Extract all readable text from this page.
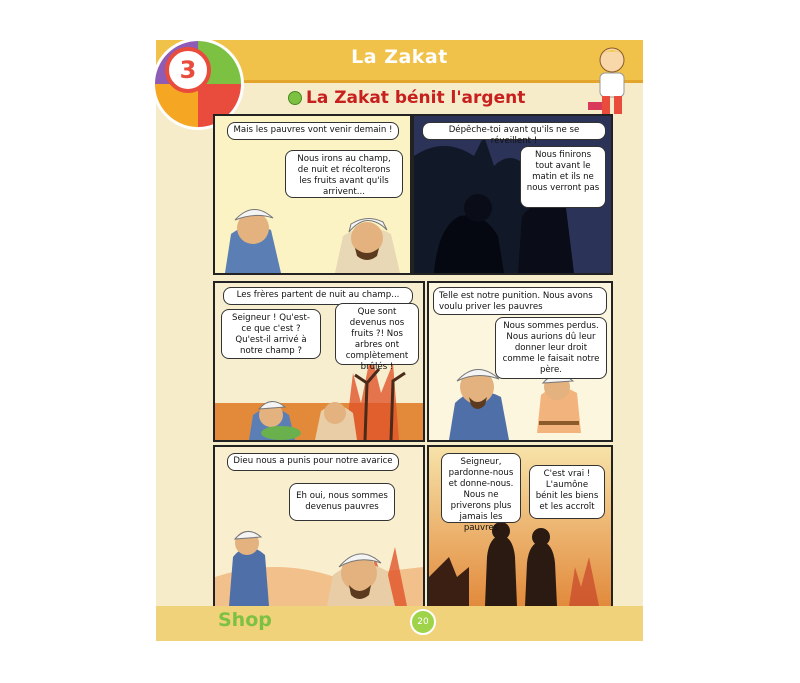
La Zakat
3
La Zakat bénit l'argent
Mais les pauvres vont venir demain !
Nous irons au champ, de nuit et récolterons les fruits avant qu'ils arrivent...
Dépêche-toi avant qu'ils ne se réveillent !
Nous finirons tout avant le matin et ils ne nous verront pas
Les frères partent de nuit au champ...
Seigneur ! Qu'est-ce que c'est ? Qu'est-il arrivé à notre champ ?
Que sont devenus nos fruits ?! Nos arbres ont complètement brûlés !
Telle est notre punition. Nous avons voulu priver les pauvres
Nous sommes perdus. Nous aurions dû leur donner leur droit comme le faisait notre père.
Dieu nous a punis pour notre avarice
Eh oui, nous sommes devenus pauvres
Seigneur, pardonne-nous et donne-nous. Nous ne priverons plus jamais les pauvres
C'est vrai ! L'aumône bénit les biens et les accroît
Shop	20
